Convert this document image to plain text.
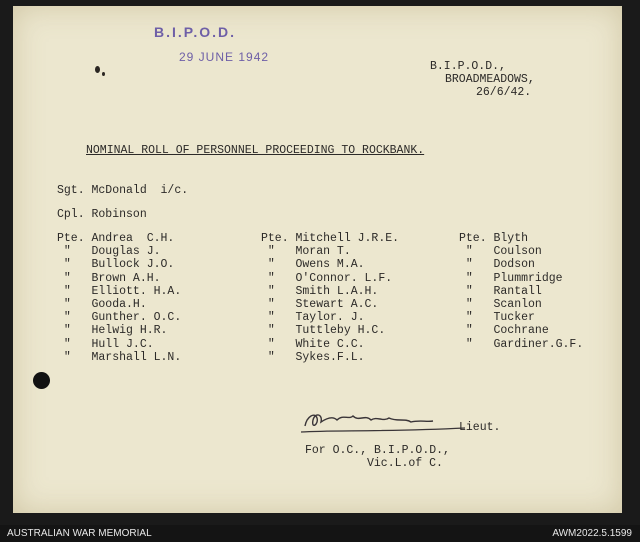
B.I.P.O.D.
29 JUNE 1942
B.I.P.O.D.,
BROADMEADOWS,
26/6/42.
NOMINAL ROLL OF PERSONNEL PROCEEDING TO ROCKBANK.
Sgt. McDonald  i/c.
Cpl. Robinson
Pte. Andrea  C.H.
"   Douglas J.
"   Bullock J.O.
"   Brown A.H.
"   Elliott. H.A.
"   Gooda.H.
"   Gunther. O.C.
"   Helwig H.R.
"   Hull J.C.
"   Marshall L.N.
Pte. Mitchell J.R.E.
"   Moran T.
"   Owens M.A.
"   O'Connor. L.F.
"   Smith L.A.H.
"   Stewart A.C.
"   Taylor. J.
"   Tuttleby H.C.
"   White C.C.
"   Sykes.F.L.
Pte. Blyth
"   Coulson
"   Dodson
"   Plummridge
"   Rantall
"   Scanlon
"   Tucker
"   Cochrane
"   Gardiner.G.F.
Lieut.
For O.C., B.I.P.O.D.,
Vic.L.of C.
AUSTRALIAN WAR MEMORIAL	AWM2022.5.1599
